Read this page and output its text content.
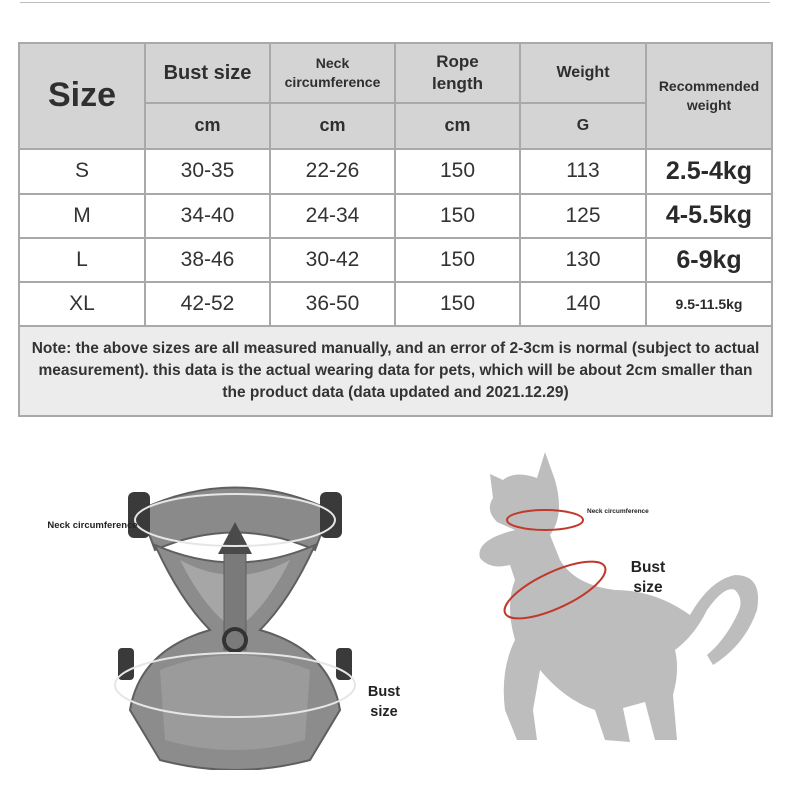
Size	Bust size	Neck circumference	Rope length	Weight	Recommended weight

	cm	cm	cm	G	
S	30-35	22-26	150	113	2.5-4kg
M	34-40	24-34	150	125	4-5.5kg
L	38-46	30-42	150	130	6-9kg
XL	42-52	36-50	150	140	9.5-11.5kg
Note: the above sizes are all measured manually, and an error of 2-3cm is normal (subject to actual measurement). this data is the actual wearing data for pets, which will be about 2cm smaller than the product data (data updated and 2021.12.29)					
Neck circumference
Bust size
Neck circumference
Bust size
